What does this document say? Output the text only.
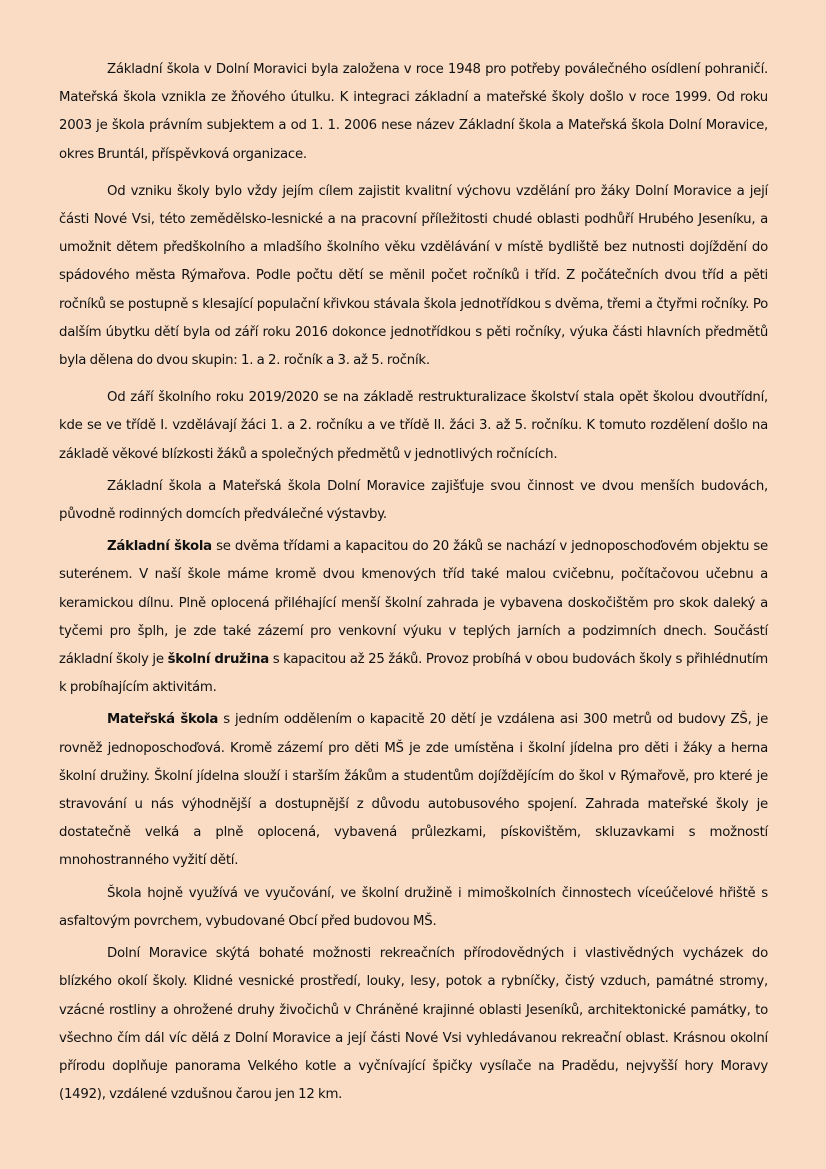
Základní škola v Dolní Moravici byla založena v roce 1948 pro potřeby poválečného osídlení pohraničí. Mateřská škola vznikla ze žňového útulku. K integraci základní a mateřské školy došlo v roce 1999. Od roku 2003 je škola právním subjektem a od 1. 1. 2006 nese název Základní škola a Mateřská škola Dolní Moravice, okres Bruntál, příspěvková organizace.

Od vzniku školy bylo vždy jejím cílem zajistit kvalitní výchovu vzdělání pro žáky Dolní Moravice a její části Nové Vsi, této zemědělsko-lesnické a na pracovní příležitosti chudé oblasti podhůří Hrubého Jeseníku, a umožnit dětem předškolního a mladšího školního věku vzdělávání v místě bydliště bez nutnosti dojíždění do spádového města Rýmařova. Podle počtu dětí se měnil počet ročníků i tříd. Z počátečních dvou tříd a pěti ročníků se postupně s klesající populační křivkou stávala škola jednotřídkou s dvěma, třemi a čtyřmi ročníky. Po dalším úbytku dětí byla od září roku 2016 dokonce jednotřídkou s pěti ročníky, výuka části hlavních předmětů byla dělena do dvou skupin: 1. a 2. ročník a 3. až 5. ročník.

Od září školního roku 2019/2020 se na základě restrukturalizace školství stala opět školou dvoutřídní, kde se ve třídě I. vzdělávají žáci 1. a 2. ročníku a ve třídě II. žáci 3. až 5. ročníku. K tomuto rozdělení došlo na základě věkové blízkosti žáků a společných předmětů v jednotlivých ročnících.

Základní škola a Mateřská škola Dolní Moravice zajišťuje svou činnost ve dvou menších budovách, původně rodinných domcích předválečné výstavby.

Základní škola se dvěma třídami a kapacitou do 20 žáků se nachází v jednoposchoďovém objektu se suterénem. V naší škole máme kromě dvou kmenových tříd také malou cvičebnu, počítačovou učebnu a keramickou dílnu. Plně oplocená přiléhající menší školní zahrada je vybavena doskočištěm pro skok daleký a tyčemi pro šplh, je zde také zázemí pro venkovní výuku v teplých jarních a podzimních dnech. Součástí základní školy je školní družina s kapacitou až 25 žáků. Provoz probíhá v obou budovách školy s přihlédnutím k probíhajícím aktivitám.

Mateřská škola s jedním oddělením o kapacitě 20 dětí je vzdálena asi 300 metrů od budovy ZŠ, je rovněž jednoposchoďová. Kromě zázemí pro děti MŠ je zde umístěna i školní jídelna pro děti i žáky a herna školní družiny. Školní jídelna slouží i starším žákům a studentům dojíždějícím do škol v Rýmařově, pro které je stravování u nás výhodnější a dostupnější z důvodu autobusového spojení. Zahrada mateřské školy je dostatečně velká a plně oplocená, vybavená průlezkami, pískovištěm, skluzavkami s možností mnohostranného vyžití dětí.

Škola hojně využívá ve vyučování, ve školní družině i mimoškolních činnostech víceúčelové hřiště s asfaltovým povrchem, vybudované Obcí před budovou MŠ.

Dolní Moravice skýtá bohaté možnosti rekreačních přírodovědných i vlastivědných vycházek do blízkého okolí školy. Klidné vesnické prostředí, louky, lesy, potok a rybníčky, čistý vzduch, památné stromy, vzácné rostliny a ohrožené druhy živočichů v Chráněné krajinné oblasti Jeseníků, architektonické památky, to všechno čím dál víc dělá z Dolní Moravice a její části Nové Vsi vyhledávanou rekreační oblast. Krásnou okolní přírodu doplňuje panorama Velkého kotle a vyčnívající špičky vysílače na Pradědu, nejvyšší hory Moravy (1492), vzdálené vzdušnou čarou jen 12 km.
